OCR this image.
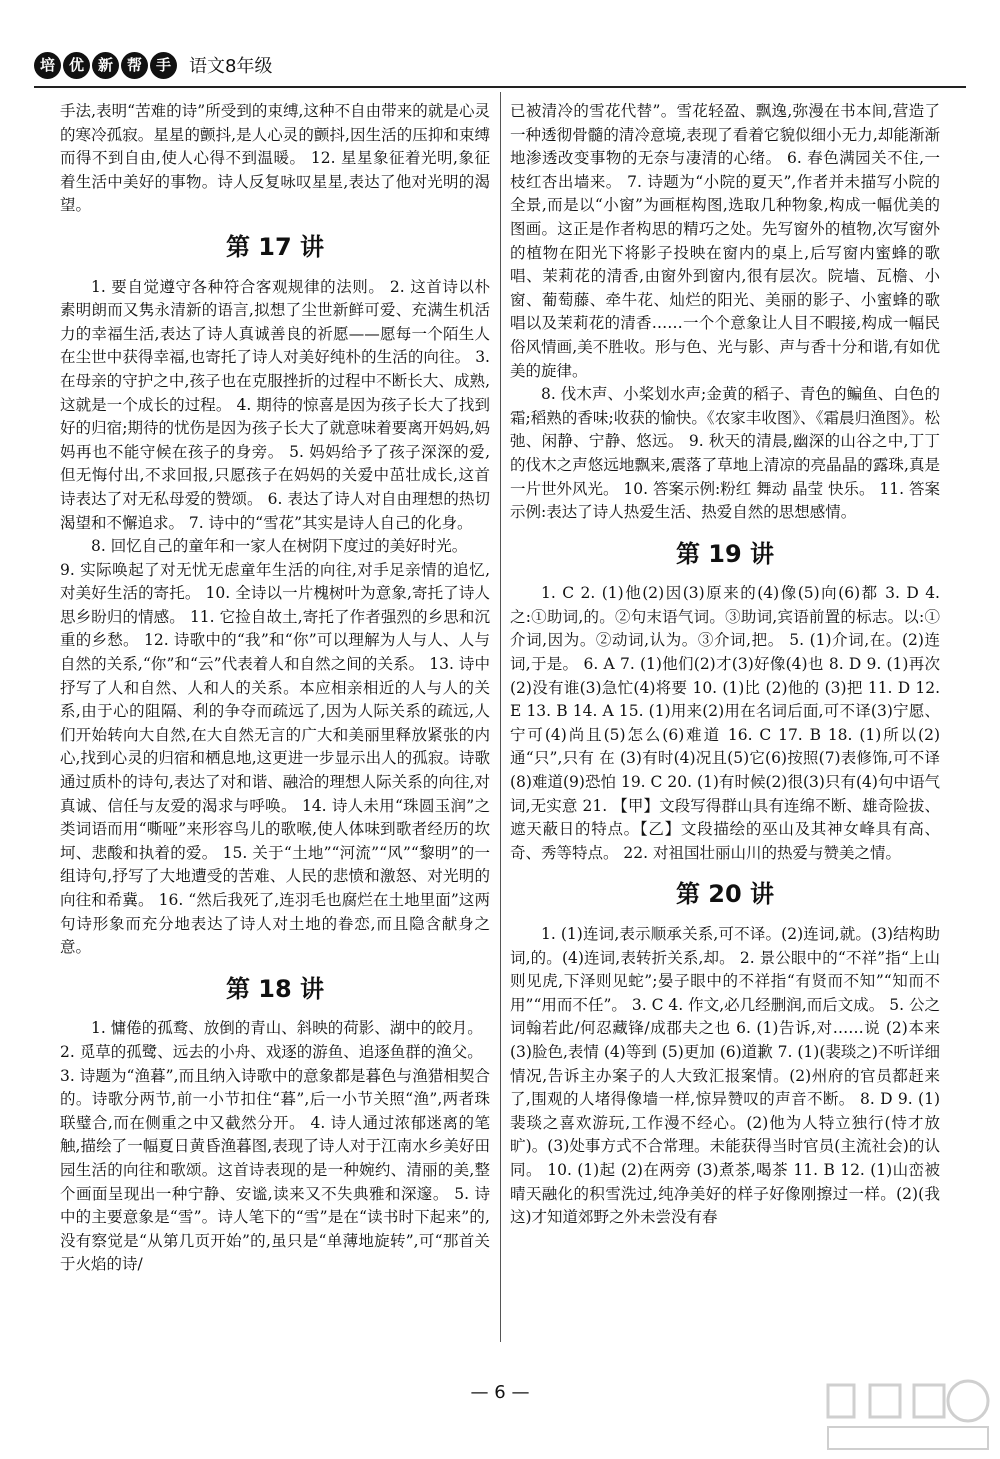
培 优 新 帮 手	语文8年级

手法,表明“苦难的诗”所受到的束缚,这种不自由带来的就是心灵的寒冷孤寂。星星的颤抖,是人心灵的颤抖,因生活的压抑和束缚而得不到自由,使人心得不到温暖。 12. 星星象征着光明,象征着生活中美好的事物。诗人反复咏叹星星,表达了他对光明的渴望。

第 17 讲

1. 要自觉遵守各种符合客观规律的法则。 2. 这首诗以朴素明朗而又隽永清新的语言,拟想了尘世新鲜可爱、充满生机活力的幸福生活,表达了诗人真诚善良的祈愿——愿每一个陌生人在尘世中获得幸福,也寄托了诗人对美好纯朴的生活的向往。 3. 在母亲的守护之中,孩子也在克服挫折的过程中不断长大、成熟,这就是一个成长的过程。 4. 期待的惊喜是因为孩子长大了找到好的归宿;期待的忧伤是因为孩子长大了就意味着要离开妈妈,妈妈再也不能守候在孩子的身旁。 5. 妈妈给予了孩子深深的爱,但无悔付出,不求回报,只愿孩子在妈妈的关爱中茁壮成长,这首诗表达了对无私母爱的赞颂。 6. 表达了诗人对自由理想的热切渴望和不懈追求。 7. 诗中的“雪花”其实是诗人自己的化身。

8. 回忆自己的童年和一家人在树阴下度过的美好时光。

9. 实际唤起了对无忧无虑童年生活的向往,对手足亲情的追忆,对美好生活的寄托。 10. 全诗以一片槐树叶为意象,寄托了诗人思乡盼归的情感。 11. 它捡自故土,寄托了作者强烈的乡思和沉重的乡愁。 12. 诗歌中的“我”和“你”可以理解为人与人、人与自然的关系,“你”和“云”代表着人和自然之间的关系。 13. 诗中抒写了人和自然、人和人的关系。本应相亲相近的人与人的关系,由于心的阻隔、利的争夺而疏远了,因为人际关系的疏远,人们开始转向大自然,在大自然无言的广大和美丽里释放紧张的内心,找到心灵的归宿和栖息地,这更进一步显示出人的孤寂。诗歌通过质朴的诗句,表达了对和谐、融洽的理想人际关系的向往,对真诚、信任与友爱的渴求与呼唤。 14. 诗人未用“珠圆玉润”之类词语而用“嘶哑”来形容鸟儿的歌喉,使人体味到歌者经历的坎坷、悲酸和执着的爱。 15. 关于“土地”“河流”“风”“黎明”的一组诗句,抒写了大地遭受的苦难、人民的悲愤和激怒、对光明的向往和希冀。 16. “然后我死了,连羽毛也腐烂在土地里面”这两句诗形象而充分地表达了诗人对土地的眷恋,而且隐含献身之意。

第 18 讲

1. 慵倦的孤鹜、放倒的青山、斜映的荷影、湖中的皎月。

2. 觅草的孤鹭、远去的小舟、戏逐的游鱼、追逐鱼群的渔父。

3. 诗题为“渔暮”,而且纳入诗歌中的意象都是暮色与渔猎相契合的。诗歌分两节,前一小节扣住“暮”,后一小节关照“渔”,两者珠联璧合,而在侧重之中又截然分开。 4. 诗人通过浓郁迷离的笔触,描绘了一幅夏日黄昏渔暮图,表现了诗人对于江南水乡美好田园生活的向往和歌颂。这首诗表现的是一种婉约、清丽的美,整个画面呈现出一种宁静、安谧,读来又不失典雅和深邃。 5. 诗中的主要意象是“雪”。诗人笔下的“雪”是在“读书时下起来”的,没有察觉是“从第几页开始”的,虽只是“单薄地旋转”,可“那首关于火焰的诗/

已被清冷的雪花代替”。雪花轻盈、飘逸,弥漫在书本间,营造了一种透彻骨髓的清冷意境,表现了看着它貌似细小无力,却能渐渐地渗透改变事物的无奈与凄清的心绪。 6. 春色满园关不住,一枝红杏出墙来。 7. 诗题为“小院的夏天”,作者并未描写小院的全景,而是以“小窗”为画框构图,选取几种物象,构成一幅优美的图画。这正是作者构思的精巧之处。先写窗外的植物,次写窗外的植物在阳光下将影子投映在窗内的桌上,后写窗内蜜蜂的歌唱、茉莉花的清香,由窗外到窗内,很有层次。院墙、瓦檐、小窗、葡萄藤、牵牛花、灿烂的阳光、美丽的影子、小蜜蜂的歌唱以及茉莉花的清香……一个个意象让人目不暇接,构成一幅民俗风情画,美不胜收。形与色、光与影、声与香十分和谐,有如优美的旋律。

8. 伐木声、小桨划水声;金黄的稻子、青色的鳊鱼、白色的霜;稻熟的香味;收获的愉快。《农家丰收图》、《霜晨归渔图》。松弛、闲静、宁静、悠远。 9. 秋天的清晨,幽深的山谷之中,丁丁的伐木之声悠远地飘来,震落了草地上清凉的亮晶晶的露珠,真是一片世外风光。 10. 答案示例:粉红 舞动 晶莹 快乐。 11. 答案示例:表达了诗人热爱生活、热爱自然的思想感情。

第 19 讲

1. C 2. (1)他(2)因(3)原来的(4)像(5)向(6)都 3. D 4. 之:①助词,的。②句末语气词。③助词,宾语前置的标志。以:①介词,因为。②动词,认为。③介词,把。 5. (1)介词,在。(2)连词,于是。 6. A 7. (1)他们(2)才(3)好像(4)也 8. D 9. (1)再次(2)没有谁(3)急忙(4)将要 10. (1)比 (2)他的 (3)把 11. D 12. E 13. B 14. A 15. (1)用来(2)用在名词后面,可不译(3)宁愿、宁可(4)尚且(5)怎么(6)难道 16. C 17. B 18. (1)所以(2)通“只”,只有 在 (3)有时(4)况且(5)它(6)按照(7)表修饰,可不译(8)难道(9)恐怕 19. C 20. (1)有时候(2)很(3)只有(4)句中语气词,无实意 21. 【甲】文段写得群山具有连绵不断、雄奇险拔、遮天蔽日的特点。【乙】文段描绘的巫山及其神女峰具有高、奇、秀等特点。 22. 对祖国壮丽山川的热爱与赞美之情。

第 20 讲

1. (1)连词,表示顺承关系,可不译。(2)连词,就。(3)结构助词,的。(4)连词,表转折关系,却。 2. 景公眼中的“不祥”指“上山则见虎,下泽则见蛇”;晏子眼中的不祥指“有贤而不知”“知而不用”“用而不任”。 3. C 4. 作文,必几经删润,而后文成。 5. 公之词翰若此/何忍藏锋/成郡夫之也 6. (1)告诉,对……说 (2)本来 (3)脸色,表情 (4)等到 (5)更加 (6)道歉 7. (1)(裴琰之)不听详细情况,告诉主办案子的人大致汇报案情。(2)州府的官员都赶来了,围观的人堵得像墙一样,惊异赞叹的声音不断。 8. D 9. (1)裴琰之喜欢游玩,工作漫不经心。(2)他为人特立独行(恃才放旷)。(3)处事方式不合常理。未能获得当时官员(主流社会)的认同。 10. (1)起 (2)在两旁 (3)煮茶,喝茶 11. B 12. (1)山峦被晴天融化的积雪洗过,纯净美好的样子好像刚擦过一样。(2)(我这)才知道郊野之外未尝没有春

— 6 —
